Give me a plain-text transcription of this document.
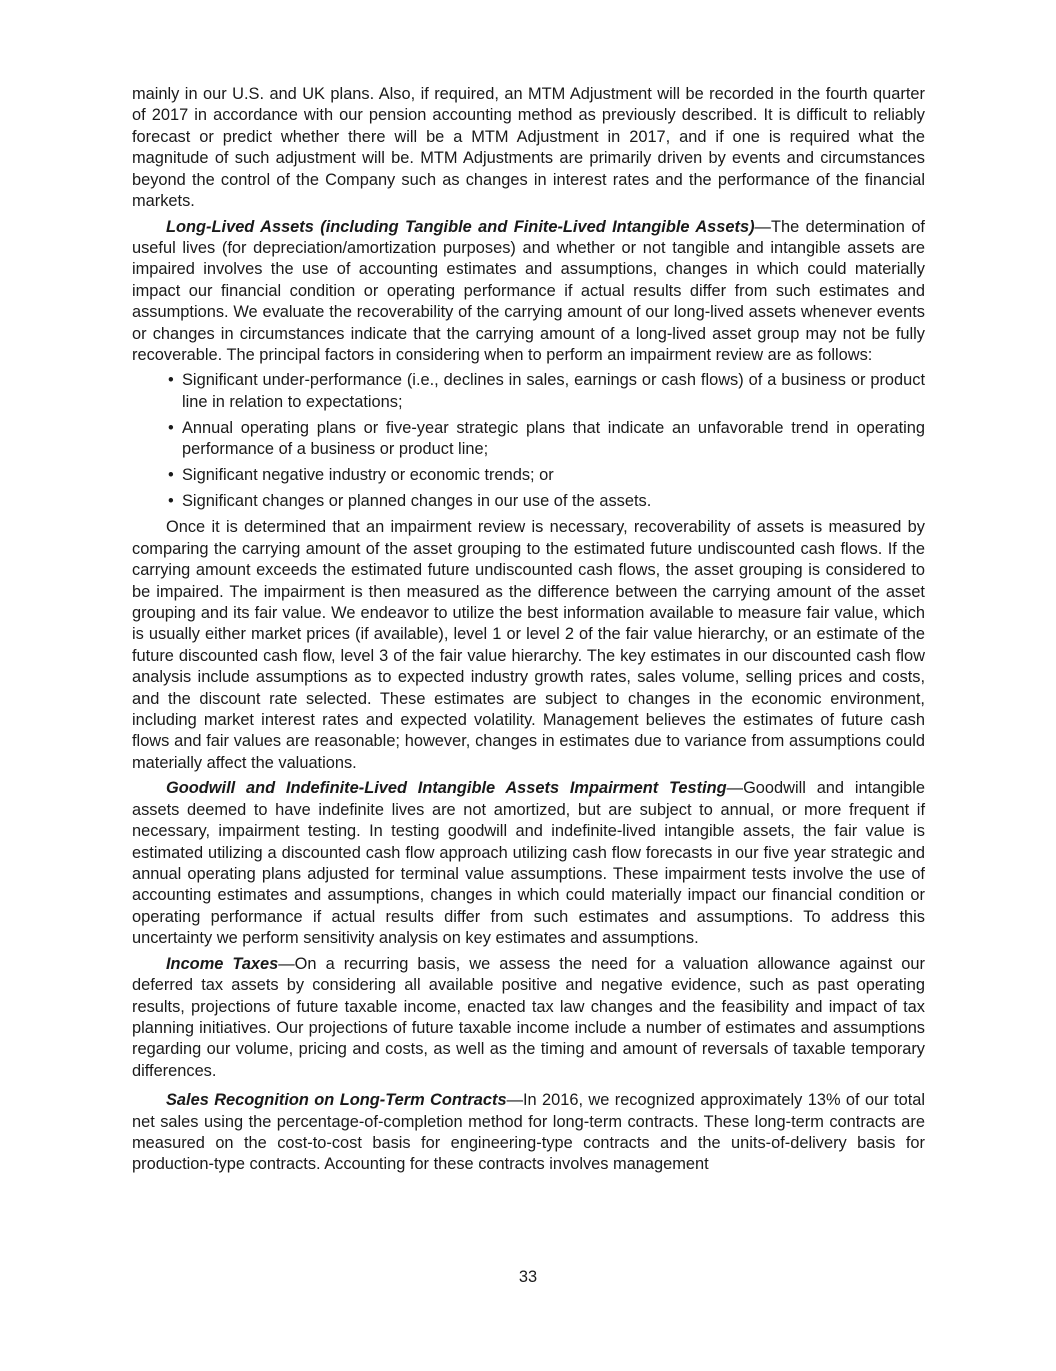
mainly in our U.S. and UK plans. Also, if required, an MTM Adjustment will be recorded in the fourth quarter of 2017 in accordance with our pension accounting method as previously described. It is difficult to reliably forecast or predict whether there will be a MTM Adjustment in 2017, and if one is required what the magnitude of such adjustment will be. MTM Adjustments are primarily driven by events and circumstances beyond the control of the Company such as changes in interest rates and the performance of the financial markets.

Long-Lived Assets (including Tangible and Finite-Lived Intangible Assets)—The determination of useful lives (for depreciation/amortization purposes) and whether or not tangible and intangible assets are impaired involves the use of accounting estimates and assumptions, changes in which could materially impact our financial condition or operating performance if actual results differ from such estimates and assumptions. We evaluate the recoverability of the carrying amount of our long-lived assets whenever events or changes in circumstances indicate that the carrying amount of a long-lived asset group may not be fully recoverable. The principal factors in considering when to perform an impairment review are as follows:

• Significant under-performance (i.e., declines in sales, earnings or cash flows) of a business or product line in relation to expectations;
• Annual operating plans or five-year strategic plans that indicate an unfavorable trend in operating performance of a business or product line;
• Significant negative industry or economic trends; or
• Significant changes or planned changes in our use of the assets.

Once it is determined that an impairment review is necessary, recoverability of assets is measured by comparing the carrying amount of the asset grouping to the estimated future undiscounted cash flows. If the carrying amount exceeds the estimated future undiscounted cash flows, the asset grouping is considered to be impaired. The impairment is then measured as the difference between the carrying amount of the asset grouping and its fair value. We endeavor to utilize the best information available to measure fair value, which is usually either market prices (if available), level 1 or level 2 of the fair value hierarchy, or an estimate of the future discounted cash flow, level 3 of the fair value hierarchy. The key estimates in our discounted cash flow analysis include assumptions as to expected industry growth rates, sales volume, selling prices and costs, and the discount rate selected. These estimates are subject to changes in the economic environment, including market interest rates and expected volatility. Management believes the estimates of future cash flows and fair values are reasonable; however, changes in estimates due to variance from assumptions could materially affect the valuations.

Goodwill and Indefinite-Lived Intangible Assets Impairment Testing—Goodwill and intangible assets deemed to have indefinite lives are not amortized, but are subject to annual, or more frequent if necessary, impairment testing. In testing goodwill and indefinite-lived intangible assets, the fair value is estimated utilizing a discounted cash flow approach utilizing cash flow forecasts in our five year strategic and annual operating plans adjusted for terminal value assumptions. These impairment tests involve the use of accounting estimates and assumptions, changes in which could materially impact our financial condition or operating performance if actual results differ from such estimates and assumptions. To address this uncertainty we perform sensitivity analysis on key estimates and assumptions.

Income Taxes—On a recurring basis, we assess the need for a valuation allowance against our deferred tax assets by considering all available positive and negative evidence, such as past operating results, projections of future taxable income, enacted tax law changes and the feasibility and impact of tax planning initiatives. Our projections of future taxable income include a number of estimates and assumptions regarding our volume, pricing and costs, as well as the timing and amount of reversals of taxable temporary differences.

Sales Recognition on Long-Term Contracts—In 2016, we recognized approximately 13% of our total net sales using the percentage-of-completion method for long-term contracts. These long-term contracts are measured on the cost-to-cost basis for engineering-type contracts and the units-of-delivery basis for production-type contracts. Accounting for these contracts involves management

33
